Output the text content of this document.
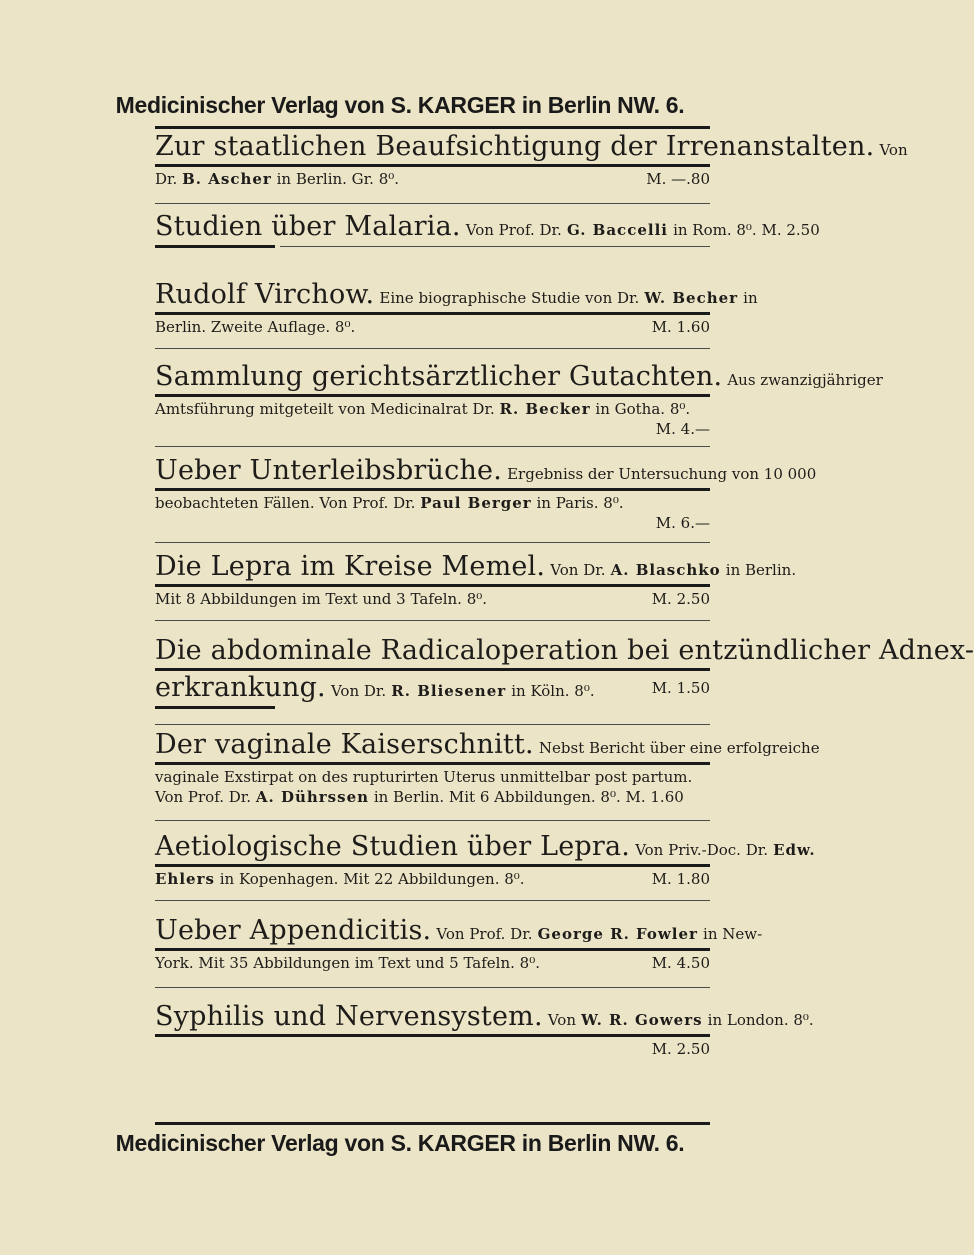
Medicinischer Verlag von S. KARGER in Berlin NW. 6.
Zur staatlichen Beaufsichtigung der Irrenanstalten. Von
Dr. B. Ascher in Berlin. Gr. 8⁰.	M. —.80
Studien über Malaria. Von Prof. Dr. G. Baccelli in Rom. 8⁰. M. 2.50
Rudolf Virchow. Eine biographische Studie von Dr. W. Becher in
Berlin. Zweite Auflage. 8⁰.	M. 1.60
Sammlung gerichtsärztlicher Gutachten. Aus zwanzigjähriger
Amtsführung mitgeteilt von Medicinalrat Dr. R. Becker in Gotha. 8⁰.
M. 4.—
Ueber Unterleibsbrüche. Ergebniss der Untersuchung von 10 000
beobachteten Fällen. Von Prof. Dr. Paul Berger in Paris. 8⁰.
M. 6.—
Die Lepra im Kreise Memel. Von Dr. A. Blaschko in Berlin.
Mit 8 Abbildungen im Text und 3 Tafeln. 8⁰.	M. 2.50
Die abdominale Radicaloperation bei entzündlicher Adnex-
erkrankung. Von Dr. R. Bliesener in Köln. 8⁰.	M. 1.50
Der vaginale Kaiserschnitt. Nebst Bericht über eine erfolgreiche
vaginale Exstirpat on des rupturirten Uterus unmittelbar post partum.
Von Prof. Dr. A. Dührssen in Berlin. Mit 6 Abbildungen. 8⁰. M. 1.60
Aetiologische Studien über Lepra. Von Priv.-Doc. Dr. Edw.
Ehlers in Kopenhagen. Mit 22 Abbildungen. 8⁰.	M. 1.80
Ueber Appendicitis. Von Prof. Dr. George R. Fowler in New-
York. Mit 35 Abbildungen im Text und 5 Tafeln. 8⁰.	M. 4.50
Syphilis und Nervensystem. Von W. R. Gowers in London. 8⁰.
M. 2.50
Medicinischer Verlag von S. KARGER in Berlin NW. 6.
